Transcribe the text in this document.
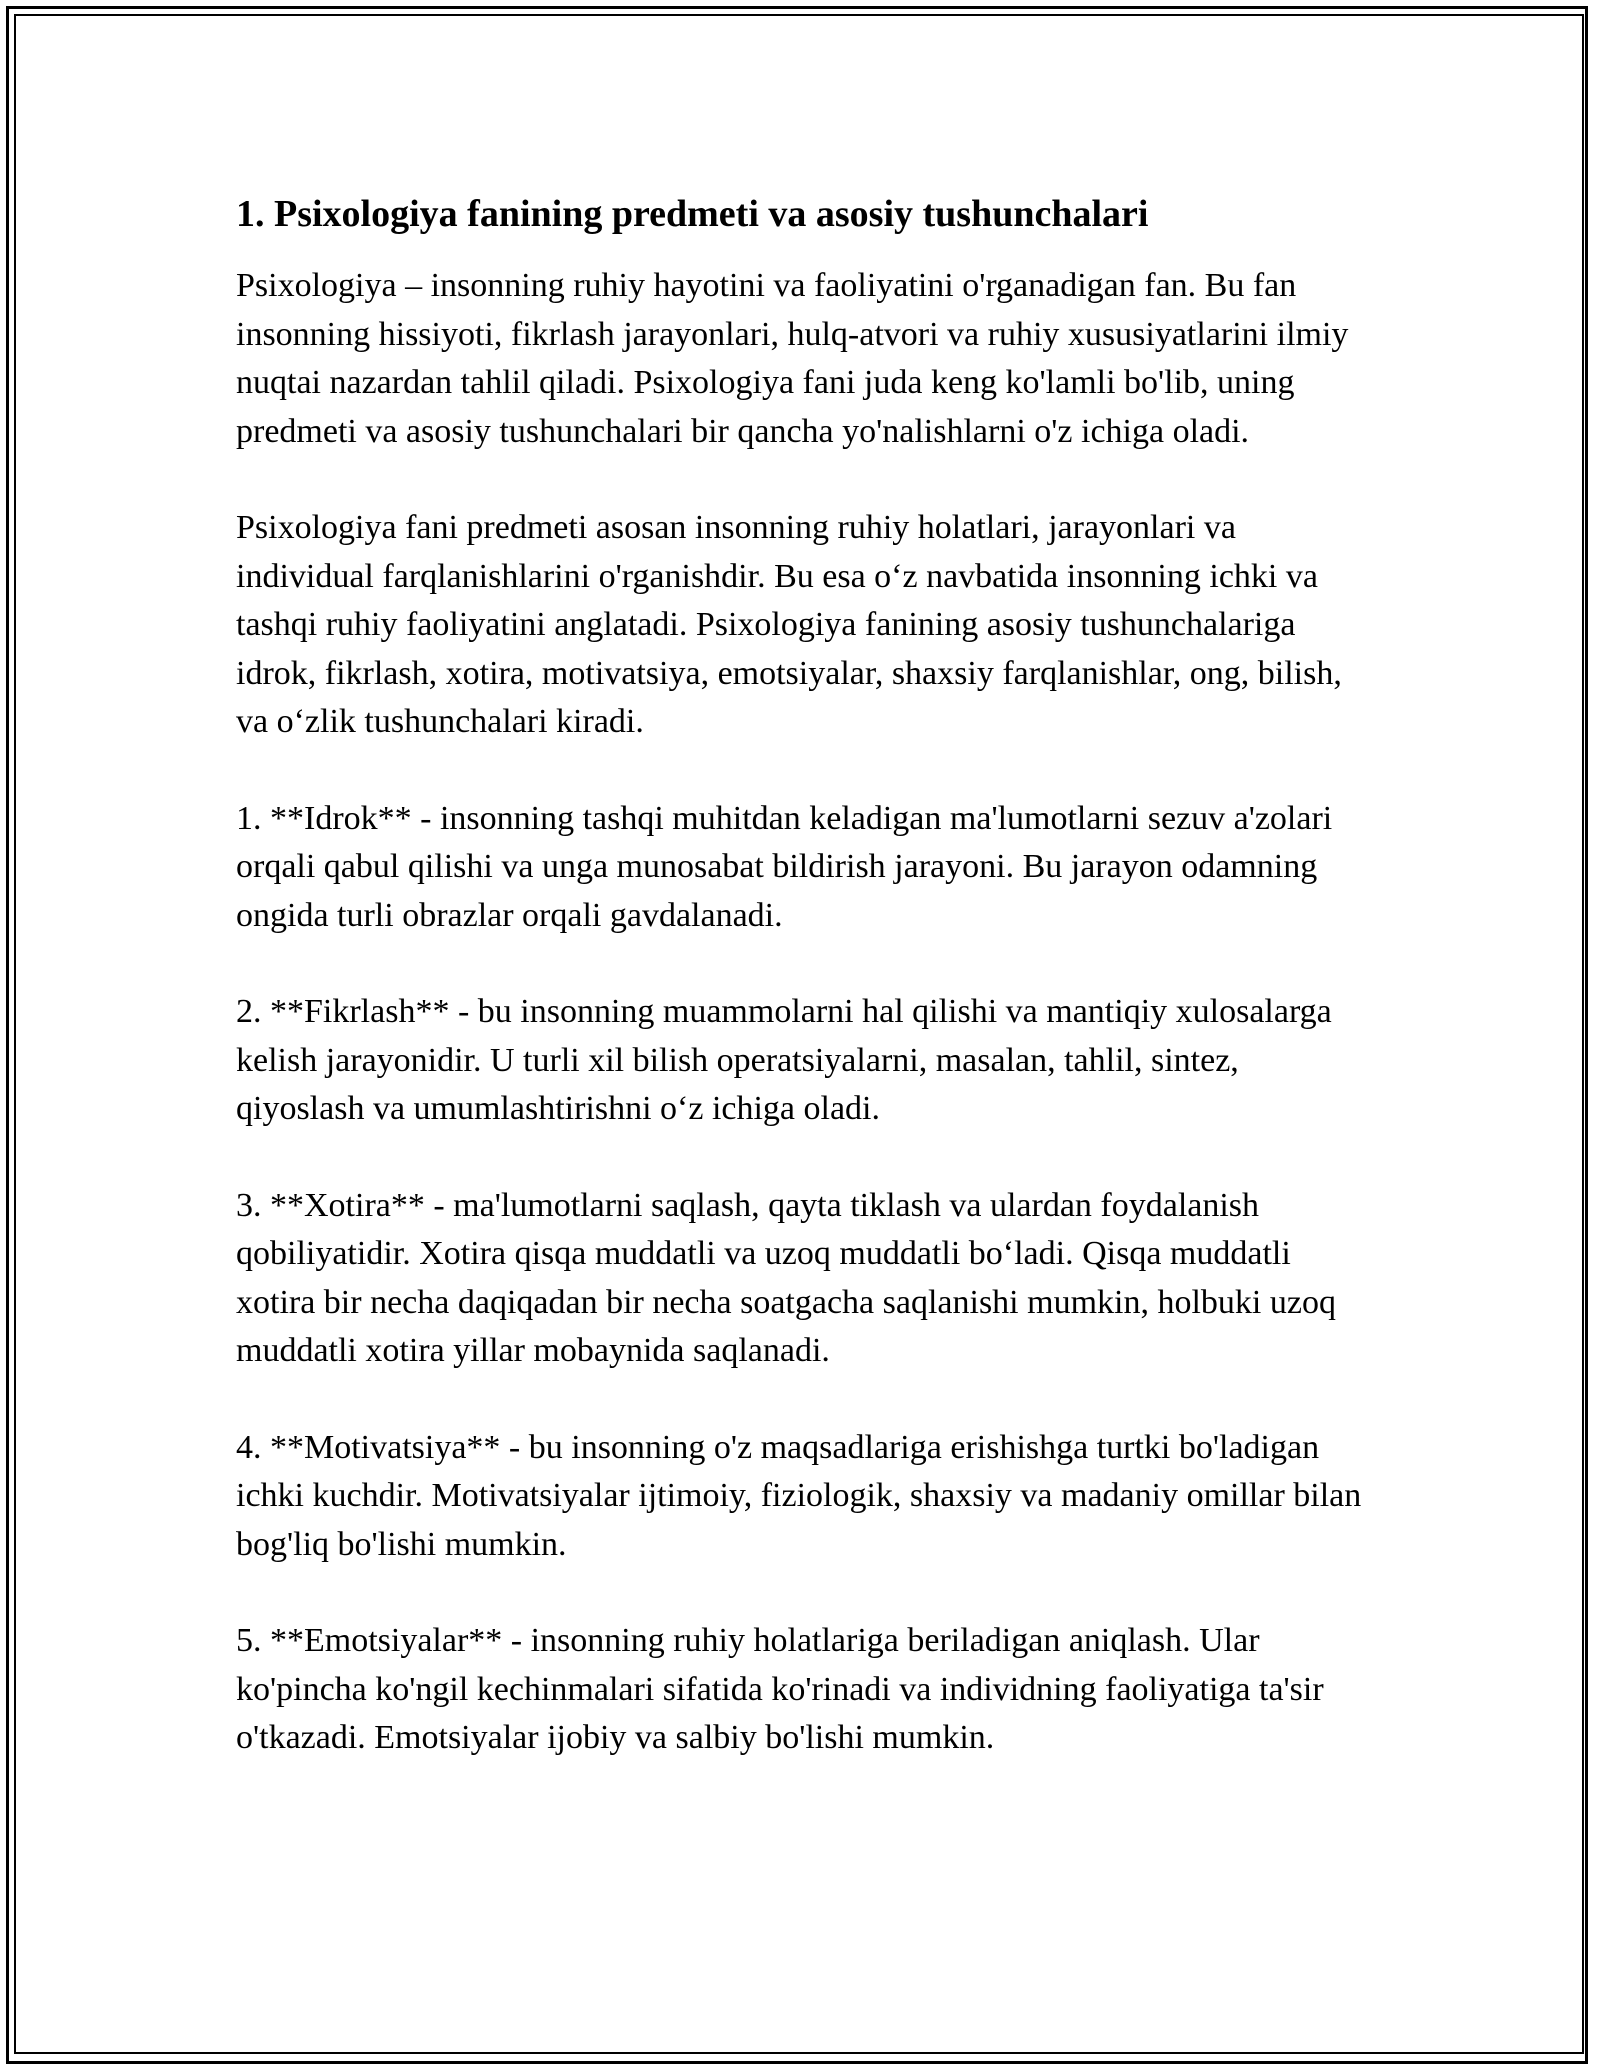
1. Psixologiya fanining predmeti va asosiy tushunchalari

Psixologiya – insonning ruhiy hayotini va faoliyatini o'rganadigan fan. Bu fan insonning hissiyoti, fikrlash jarayonlari, hulq-atvori va ruhiy xususiyatlarini ilmiy nuqtai nazardan tahlil qiladi. Psixologiya fani juda keng ko'lamli bo'lib, uning predmeti va asosiy tushunchalari bir qancha yo'nalishlarni o'z ichiga oladi.

Psixologiya fani predmeti asosan insonning ruhiy holatlari, jarayonlari va individual farqlanishlarini o'rganishdir. Bu esa o‘z navbatida insonning ichki va tashqi ruhiy faoliyatini anglatadi. Psixologiya fanining asosiy tushunchalariga idrok, fikrlash, xotira, motivatsiya, emotsiyalar, shaxsiy farqlanishlar, ong, bilish, va o‘zlik tushunchalari kiradi.

1. **Idrok** - insonning tashqi muhitdan keladigan ma'lumotlarni sezuv a'zolari orqali qabul qilishi va unga munosabat bildirish jarayoni. Bu jarayon odamning ongida turli obrazlar orqali gavdalanadi.

2. **Fikrlash** - bu insonning muammolarni hal qilishi va mantiqiy xulosalarga kelish jarayonidir. U turli xil bilish operatsiyalarni, masalan, tahlil, sintez, qiyoslash va umumlashtirishni o‘z ichiga oladi.

3. **Xotira** - ma'lumotlarni saqlash, qayta tiklash va ulardan foydalanish qobiliyatidir. Xotira qisqa muddatli va uzoq muddatli bo‘ladi. Qisqa muddatli xotira bir necha daqiqadan bir necha soatgacha saqlanishi mumkin, holbuki uzoq muddatli xotira yillar mobaynida saqlanadi.

4. **Motivatsiya** - bu insonning o'z maqsadlariga erishishga turtki bo'ladigan ichki kuchdir. Motivatsiyalar ijtimoiy, fiziologik, shaxsiy va madaniy omillar bilan bog'liq bo'lishi mumkin.

5. **Emotsiyalar** - insonning ruhiy holatlariga beriladigan aniqlash. Ular ko'pincha ko'ngil kechinmalari sifatida ko'rinadi va individning faoliyatiga ta'sir o'tkazadi. Emotsiyalar ijobiy va salbiy bo'lishi mumkin.
